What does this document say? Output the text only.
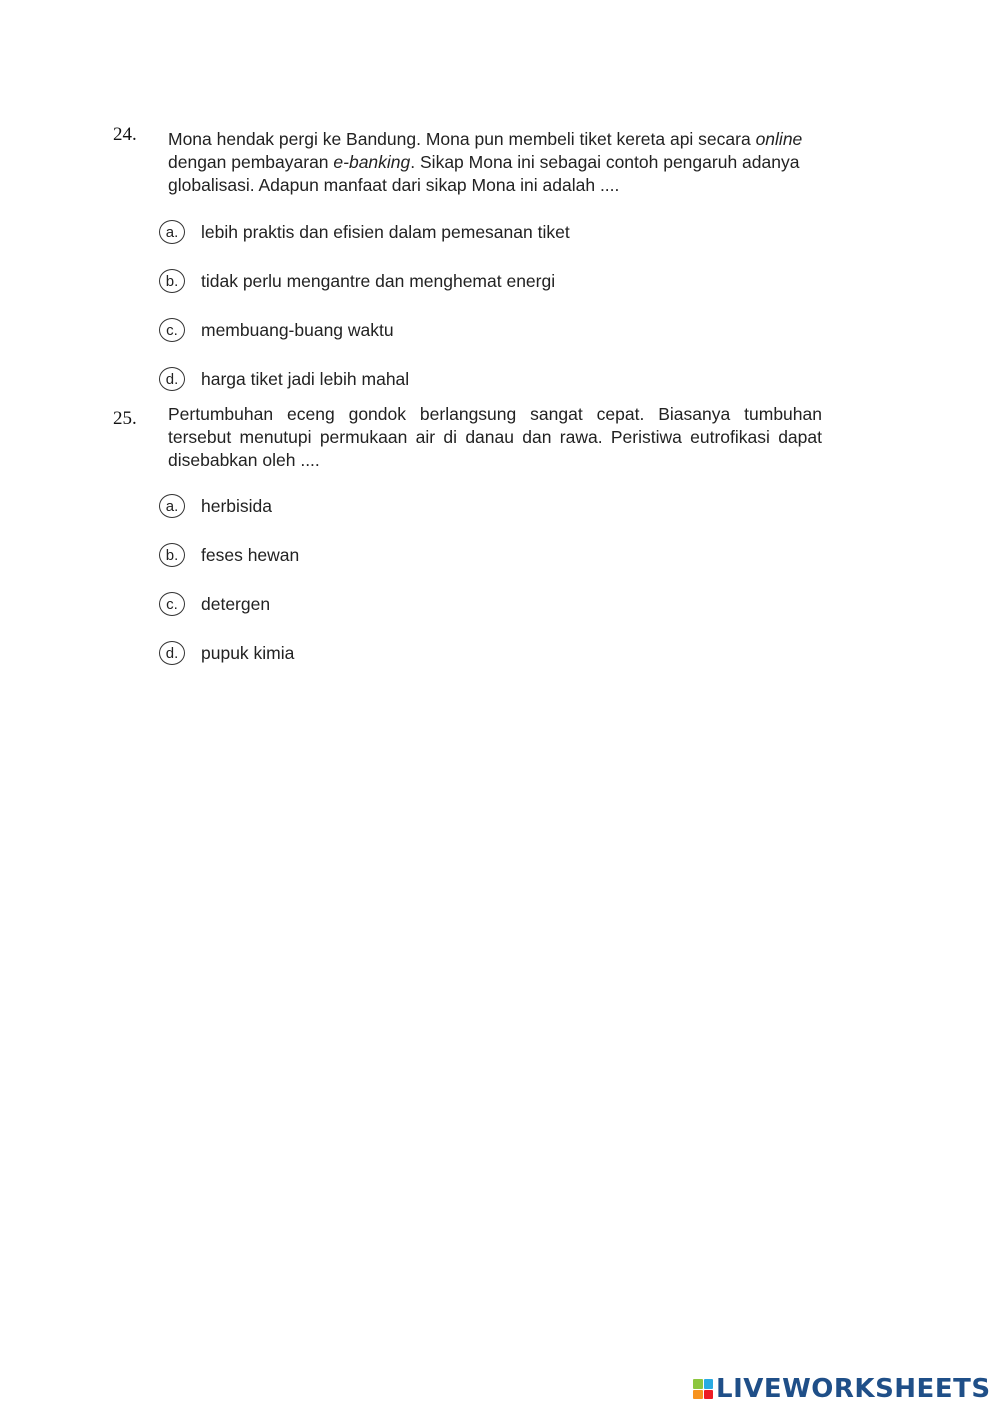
24. Mona hendak pergi ke Bandung. Mona pun membeli tiket kereta api secara online
dengan pembayaran e-banking. Sikap Mona ini sebagai contoh pengaruh adanya
globalisasi. Adapun manfaat dari sikap Mona ini adalah ....
a.	lebih praktis dan efisien dalam pemesanan tiket
b.	tidak perlu mengantre dan menghemat energi
c.	membuang-buang waktu
d.	harga tiket jadi lebih mahal
25. Pertumbuhan eceng gondok berlangsung sangat cepat. Biasanya tumbuhan tersebut menutupi permukaan air di danau dan rawa. Peristiwa eutrofikasi dapat disebabkan oleh ....
a.	herbisida
b.	feses hewan
c.	detergen
d.	pupuk kimia
LIVEWORKSHEETS
